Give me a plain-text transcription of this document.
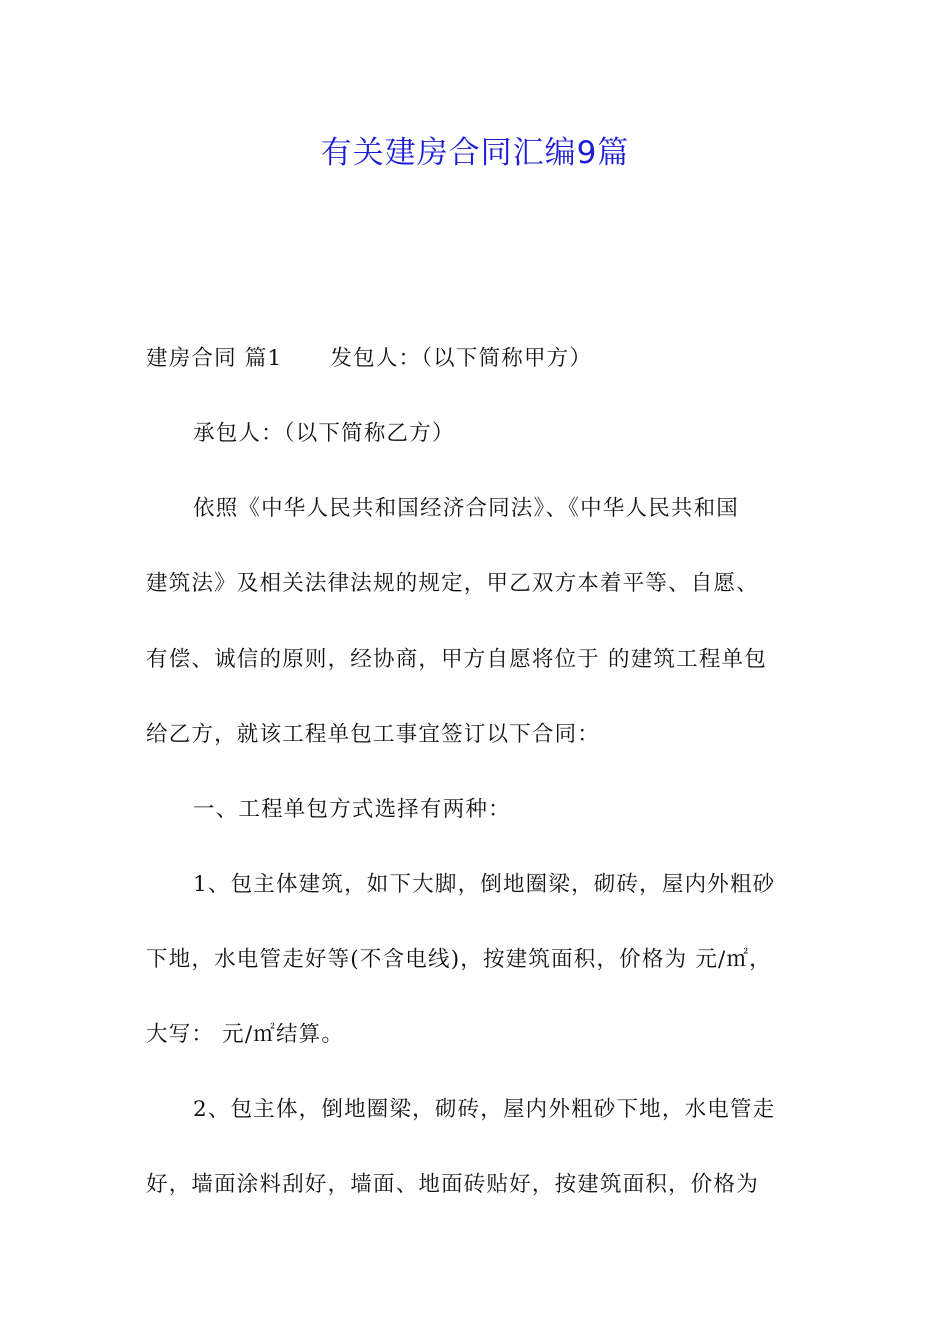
有关建房合同汇编9篇
建房合同 篇1 发包人：（以下简称甲方）
承包人：（以下简称乙方）
依照《中华人民共和国经济合同法》、《中华人民共和国
建筑法》及相关法律法规的规定，甲乙双方本着平等、自愿、
有偿、诚信的原则，经协商，甲方自愿将位于 的建筑工程单包
给乙方，就该工程单包工事宜签订以下合同：
一、工程单包方式选择有两种：
1、包主体建筑，如下大脚，倒地圈梁，砌砖，屋内外粗砂
下地，水电管走好等(不含电线)，按建筑面积，价格为 元/㎡，
大写： 元/㎡结算。
2、包主体，倒地圈梁，砌砖，屋内外粗砂下地，水电管走
好，墙面涂料刮好，墙面、地面砖贴好，按建筑面积，价格为
